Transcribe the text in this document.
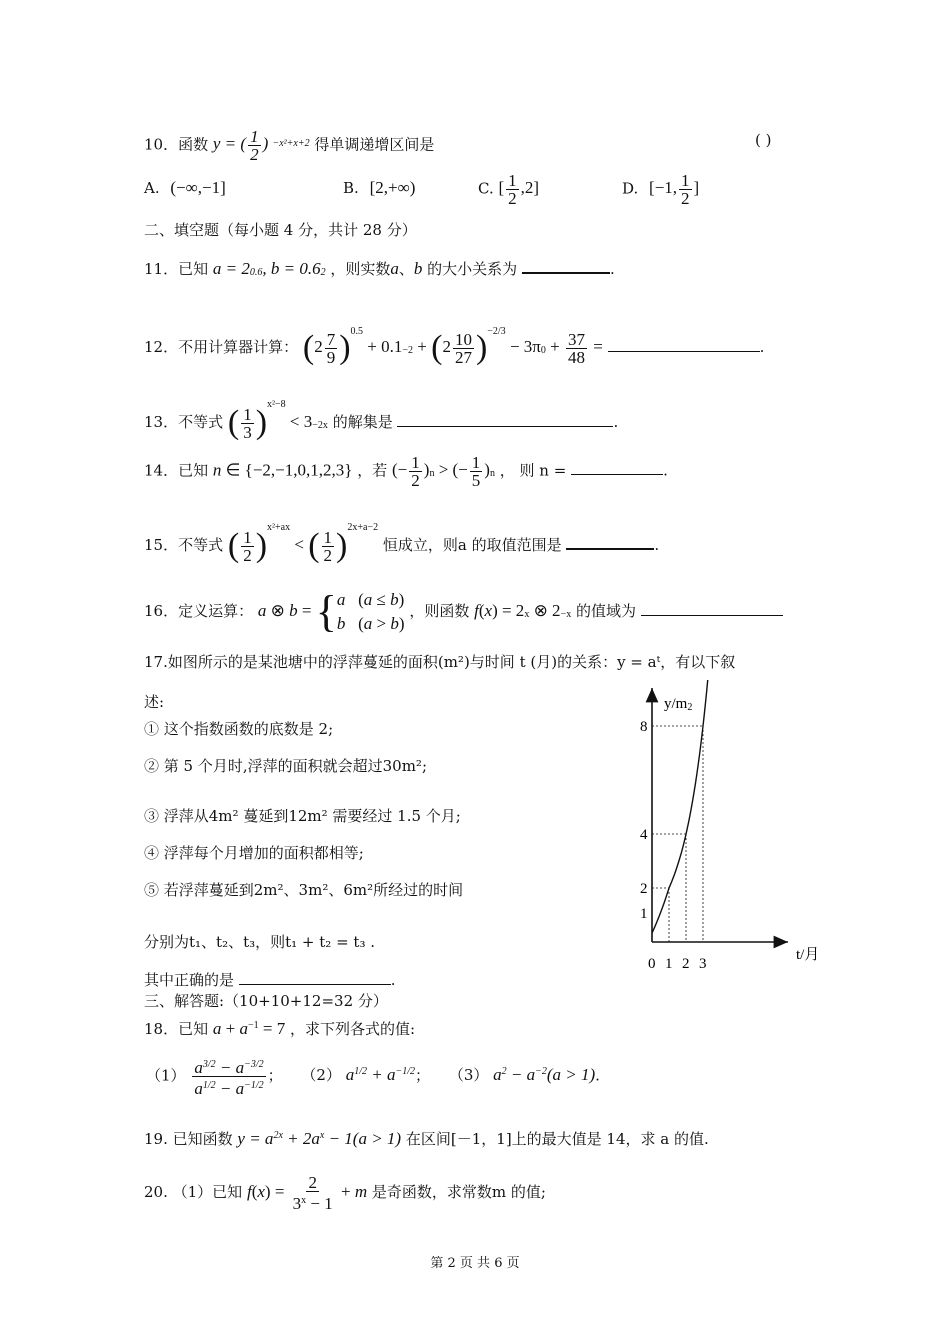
10．函数 y = ( $\frac{1}{2}$ ) $^{-x^2+x+2}$ 得单调递增区间是	( )
A. (−∞,−1]	B. [2,+∞)	C. [ $\frac{1}{2} ,2$]	D. [−1, $\frac{1}{2}$ ]
二、填空题（每小题 4 分，共计 28 分）
11．已知 $a = 2^{0.6}$, $b = 0.6^2$ ，则实数a、b 的大小关系为	.
12．不用计算器计算： $(2 \frac{7}{9} )^{0.5} + 0.1^{-2} + (2 \frac{10}{27} )^{-2/3} - 3\pi^0 + \frac{37}{48}$ =	.
13．不等式 ( $\frac{1}{3} )^{x^2-8} < 3^{-2x}$ 的解集是	.
14．已知 n ∈ {−2,−1,0,1,2,3} ，若 (− $\frac{1}{2} )^n$ > (− $\frac{1}{5} )^n$ ， 则 n =	.
15．不等式 ( $\frac{1}{2} )^{x^2+ax}$ < ( $\frac{1}{2} )^{2x+a-2}$ 恒成立，则a 的取值范围是	.
16．定义运算： a ⊗ b = { a   (a ≤ b)
b   (a > b)
，则函数 $f(x) = 2^x$ ⊗ $2^{-x}$ 的值域为
17.如图所示的是某池塘中的浮萍蔓延的面积(m²)与时间 t (月)的关系：y = aᵗ，有以下叙
述:
① 这个指数函数的底数是 2;
② 第 5 个月时,浮萍的面积就会超过30m²;
③ 浮萍从4m² 蔓延到12m² 需要经过 1.5 个月;
④ 浮萍每个月增加的面积都相等;
⑤ 若浮萍蔓延到2m²、3m²、6m²所经过的时间
分别为t₁、t₂、t₃，则t₁ + t₂ = t₃ .
其中正确的是	.
1
2
4
8
0 1 2 3
y/m2
t/月
三、解答题:（10+10+12=32 分）
18．已知 $a + a^{-1} = 7$ ，求下列各式的值:
$(1) \frac{a^{3/2} - a^{-3/2}}{a^{1/2} - a^{-1/2}}$ ； （2） $a^{1/2} + a^{-1/2}$； （3） $a^2 - a^{-2}(a > 1)$.
19. 已知函数 $y = a^{2x} + 2a^x - 1(a > 1)$ 在区间[－1，1]上的最大值是 14，求 a 的值.
20. （1）已知 $f(x) = \frac{2}{3^x - 1} + m$ 是奇函数，求常数m 的值;
第 2 页 共 6 页
